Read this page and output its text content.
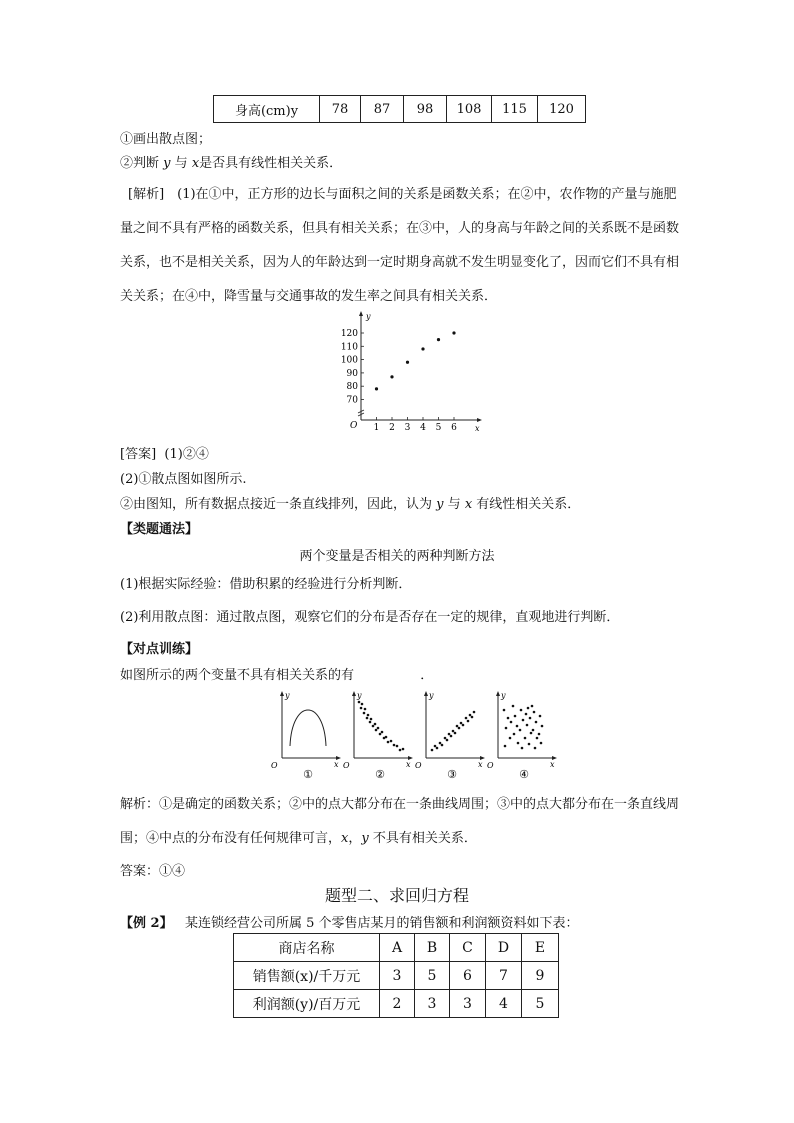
身高(cm)y	78	87	98	108	115	120
①画出散点图；
②判断 y 与 x是否具有线性相关关系．
[解析]　(1)在①中，正方形的边长与面积之间的关系是函数关系；在②中，农作物的产量与施肥量之间不具有严格的函数关系，但具有相关关系；在③中，人的身高与年龄之间的关系既不是函数关系，也不是相关关系，因为人的年龄达到一定时期身高就不发生明显变化了，因而它们不具有相关关系；在④中，降雪量与交通事故的发生率之间具有相关关系．
y
x
O 1 2 3 4 5 6
70
80
90
100
110
120
[答案] (1)②④
(2)①散点图如图所示.
②由图知，所有数据点接近一条直线排列，因此，认为 y 与 x 有线性相关关系．
【类题通法】
两个变量是否相关的两种判断方法
(1)根据实际经验：借助积累的经验进行分析判断．
(2)利用散点图：通过散点图，观察它们的分布是否存在一定的规律，直观地进行判断．
【对点训练】
如图所示的两个变量不具有相关关系的有	．
y
x
O
①
y
x
O
②
y
x
O
③
y
x
O
④
解析：①是确定的函数关系；②中的点大都分布在一条曲线周围；③中的点大都分布在一条直线周围；④中点的分布没有任何规律可言，x，y 不具有相关关系．
答案：①④
题型二、求回归方程
【例 2】 某连锁经营公司所属 5 个零售店某月的销售额和利润额资料如下表：
商店名称	A	B	C	D	E
销售额(x)/千万元	3	5	6	7	9
利润额(y)/百万元	2	3	3	4	5
